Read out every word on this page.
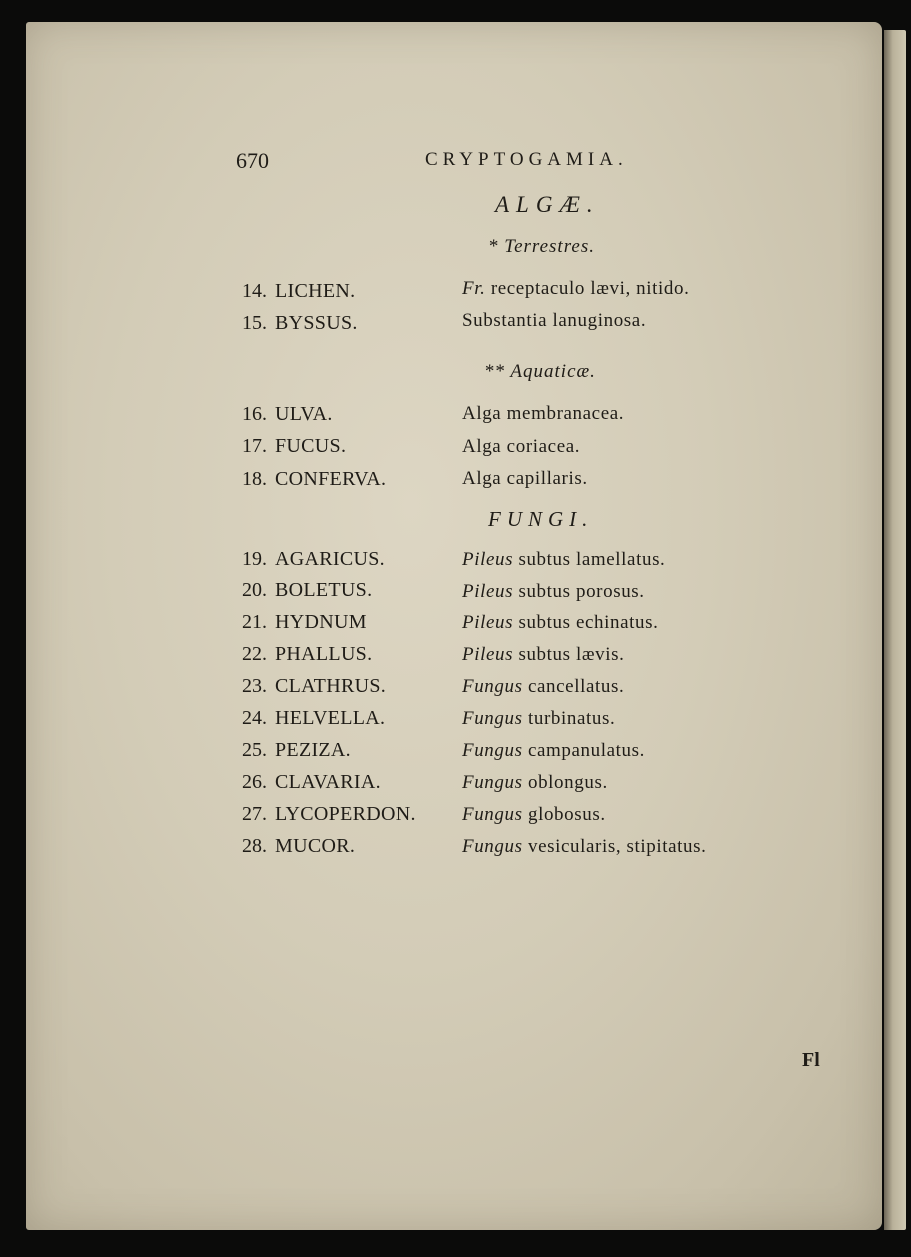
670	CRYPTOGAMIA.
ALGÆ.
* Terrestres.
** Aquaticæ.
FUNGI.
14. LICHEN.	Fr. receptaculo lævi, nitido.
15. BYSSUS.	Substantia lanuginosa.
16. ULVA.	Alga membranacea.
17. FUCUS.	Alga coriacea.
18. CONFERVA.	Alga capillaris.
19. AGARICUS.	Pileus subtus lamellatus.
20. BOLETUS.	Pileus subtus porosus.
21. HYDNUM	Pileus subtus echinatus.
22. PHALLUS.	Pileus subtus lævis.
23. CLATHRUS.	Fungus cancellatus.
24. HELVELLA.	Fungus turbinatus.
25. PEZIZA.	Fungus campanulatus.
26. CLAVARIA.	Fungus oblongus.
27. LYCOPERDON. Fungus globosus.
28. MUCOR.	Fungus vesicularis, stipitatus.
Fl
